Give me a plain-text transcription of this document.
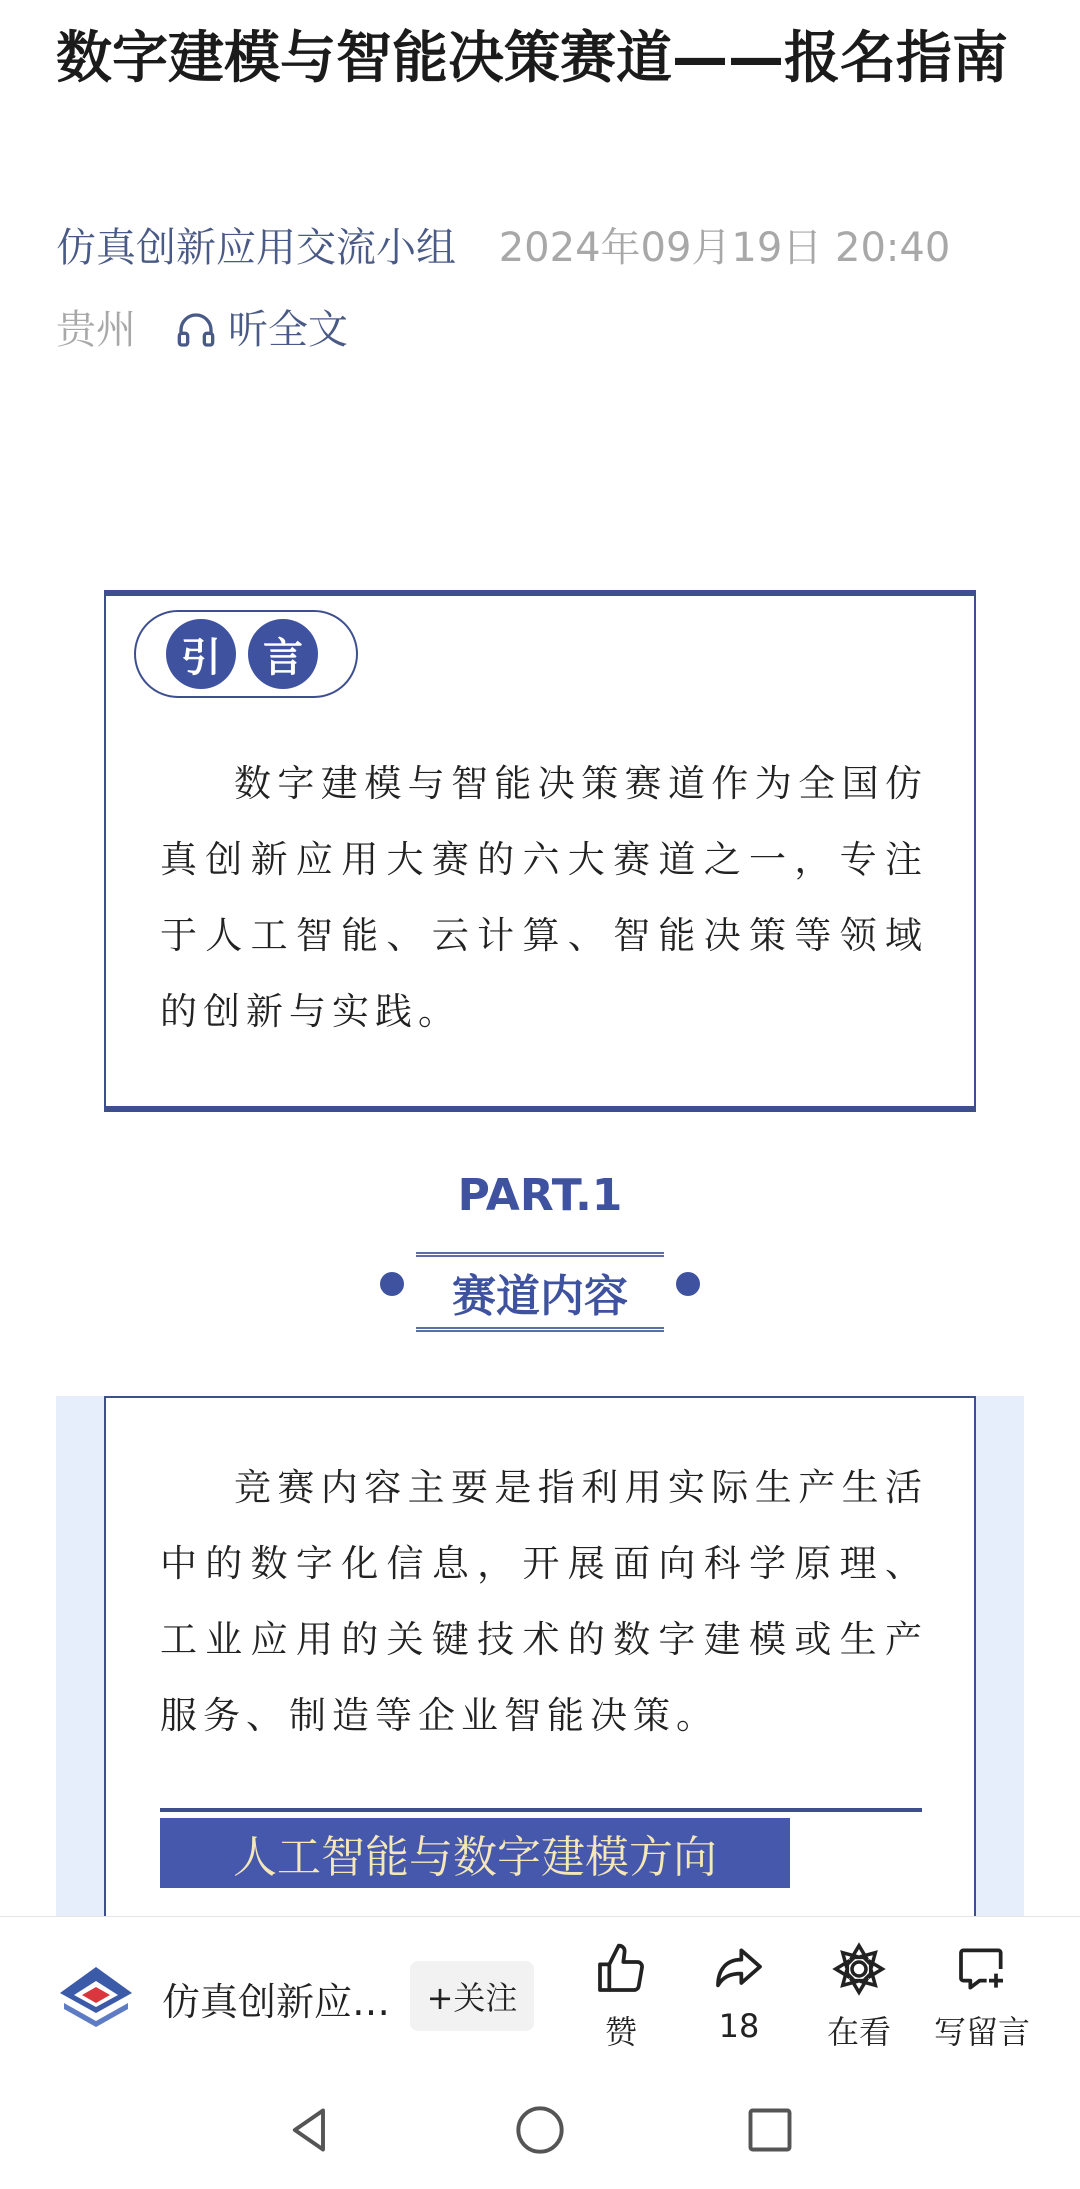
数字建模与智能决策赛道——报名指南
仿真创新应用交流小组 2024年09月19日 20:40
贵州 听全文
引	言

数字建模与智能决策赛道作为全国仿真创新应用大赛的六大赛道之一，专注于人工智能、云计算、智能决策等领域的创新与实践。

PART.1
赛道内容

竞赛内容主要是指利用实际生产生活中的数字化信息，开展面向科学原理、工业应用的关键技术的数字建模或生产服务、制造等企业智能决策。

人工智能与数字建模方向
仿真创新应…	+关注
赞	18	在看	写留言
